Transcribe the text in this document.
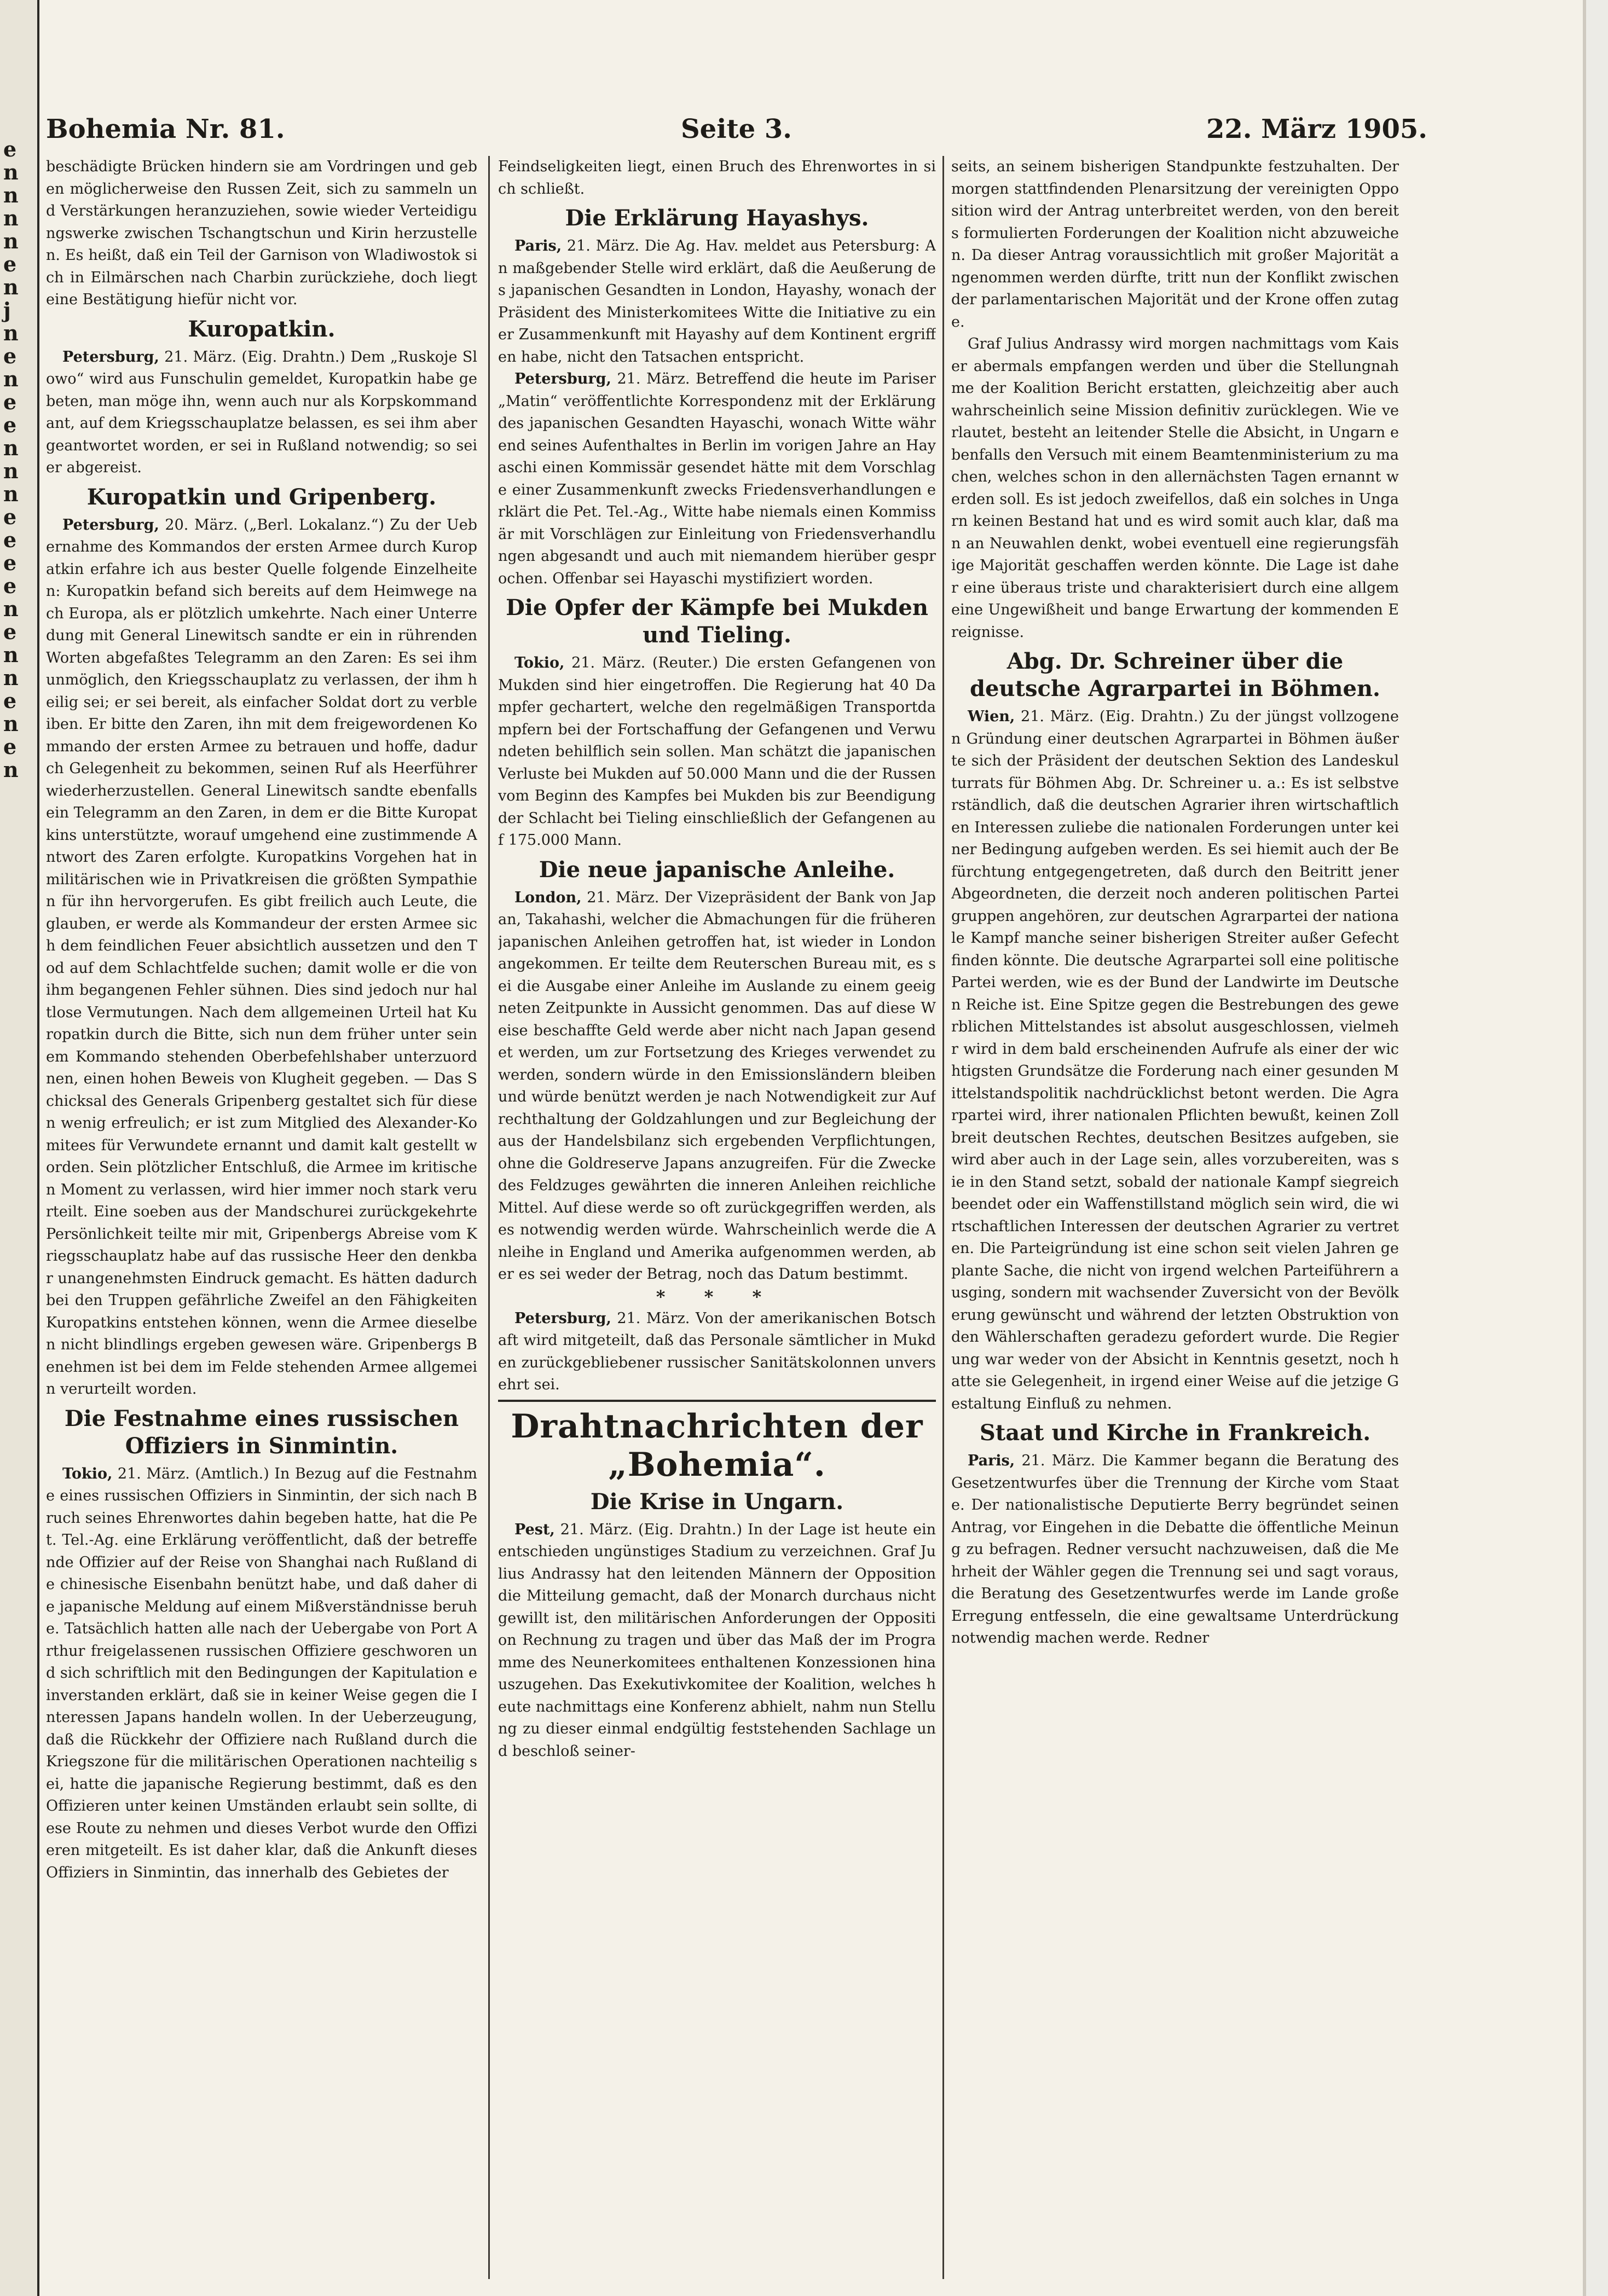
e
n
n
n
n
e
n
j
n
e
n
e
e
n
n
n
e
e
e
e
n
e
n
n
e
n
e
n
Bohemia Nr. 81.	Seite 3.	22. März 1905.

beschädigte Brücken hindern sie am Vordringen und geben möglicherweise den Russen Zeit, sich zu sammeln und Verstärkungen heranzuziehen, sowie wieder Verteidigungswerke zwischen Tschangtschun und Kirin herzustellen. Es heißt, daß ein Teil der Garnison von Wladiwostok sich in Eilmärschen nach Charbin zurückziehe, doch liegt eine Bestätigung hiefür nicht vor.

Kuropatkin.

Petersburg, 21. März. (Eig. Drahtn.) Dem „Ruskoje Slowo“ wird aus Funschulin gemeldet, Kuropatkin habe gebeten, man möge ihn, wenn auch nur als Korpskommandant, auf dem Kriegsschauplatze belassen, es sei ihm aber geantwortet worden, er sei in Rußland notwendig; so sei er abgereist.

Kuropatkin und Gripenberg.

Petersburg, 20. März. („Berl. Lokalanz.“) Zu der Uebernahme des Kommandos der ersten Armee durch Kuropatkin erfahre ich aus bester Quelle folgende Einzelheiten: Kuropatkin befand sich bereits auf dem Heimwege nach Europa, als er plötzlich umkehrte. Nach einer Unterredung mit General Linewitsch sandte er ein in rührenden Worten abgefaßtes Telegramm an den Zaren: Es sei ihm unmöglich, den Kriegsschauplatz zu verlassen, der ihm heilig sei; er sei bereit, als einfacher Soldat dort zu verbleiben. Er bitte den Zaren, ihn mit dem freigewordenen Kommando der ersten Armee zu betrauen und hoffe, dadurch Gelegenheit zu bekommen, seinen Ruf als Heerführer wiederherzustellen. General Linewitsch sandte ebenfalls ein Telegramm an den Zaren, in dem er die Bitte Kuropatkins unterstützte, worauf umgehend eine zustimmende Antwort des Zaren erfolgte. Kuropatkins Vorgehen hat in militärischen wie in Privatkreisen die größten Sympathien für ihn hervorgerufen. Es gibt freilich auch Leute, die glauben, er werde als Kommandeur der ersten Armee sich dem feindlichen Feuer absichtlich aussetzen und den Tod auf dem Schlachtfelde suchen; damit wolle er die von ihm begangenen Fehler sühnen. Dies sind jedoch nur haltlose Vermutungen. Nach dem allgemeinen Urteil hat Kuropatkin durch die Bitte, sich nun dem früher unter seinem Kommando stehenden Oberbefehlshaber unterzuordnen, einen hohen Beweis von Klugheit gegeben. — Das Schicksal des Generals Gripenberg gestaltet sich für diesen wenig erfreulich; er ist zum Mitglied des Alexander-Komitees für Verwundete ernannt und damit kalt gestellt worden. Sein plötzlicher Entschluß, die Armee im kritischen Moment zu verlassen, wird hier immer noch stark verurteilt. Eine soeben aus der Mandschurei zurückgekehrte Persönlichkeit teilte mir mit, Gripenbergs Abreise vom Kriegsschauplatz habe auf das russische Heer den denkbar unangenehmsten Eindruck gemacht. Es hätten dadurch bei den Truppen gefährliche Zweifel an den Fähigkeiten Kuropatkins entstehen können, wenn die Armee dieselben nicht blindlings ergeben gewesen wäre. Gripenbergs Benehmen ist bei dem im Felde stehenden Armee allgemein verurteilt worden.

Die Festnahme eines russischen Offiziers in Sinmintin.

Tokio, 21. März. (Amtlich.) In Bezug auf die Festnahme eines russischen Offiziers in Sinmintin, der sich nach Bruch seines Ehrenwortes dahin begeben hatte, hat die Pet. Tel.-Ag. eine Erklärung veröffentlicht, daß der betreffende Offizier auf der Reise von Shanghai nach Rußland die chinesische Eisenbahn benützt habe, und daß daher die japanische Meldung auf einem Mißverständnisse beruhe. Tatsächlich hatten alle nach der Uebergabe von Port Arthur freigelassenen russischen Offiziere geschworen und sich schriftlich mit den Bedingungen der Kapitulation einverstanden erklärt, daß sie in keiner Weise gegen die Interessen Japans handeln wollen. In der Ueberzeugung, daß die Rückkehr der Offiziere nach Rußland durch die Kriegszone für die militärischen Operationen nachteilig sei, hatte die japanische Regierung bestimmt, daß es den Offizieren unter keinen Umständen erlaubt sein sollte, diese Route zu nehmen und dieses Verbot wurde den Offizieren mitgeteilt. Es ist daher klar, daß die Ankunft dieses Offiziers in Sinmintin, das innerhalb des Gebietes der

Feindseligkeiten liegt, einen Bruch des Ehrenwortes in sich schließt.

Die Erklärung Hayashys.

Paris, 21. März. Die Ag. Hav. meldet aus Petersburg: An maßgebender Stelle wird erklärt, daß die Aeußerung des japanischen Gesandten in London, Hayashy, wonach der Präsident des Ministerkomitees Witte die Initiative zu einer Zusammenkunft mit Hayashy auf dem Kontinent ergriffen habe, nicht den Tatsachen entspricht.

Petersburg, 21. März. Betreffend die heute im Pariser „Matin“ veröffentlichte Korrespondenz mit der Erklärung des japanischen Gesandten Hayaschi, wonach Witte während seines Aufenthaltes in Berlin im vorigen Jahre an Hayaschi einen Kommissär gesendet hätte mit dem Vorschlage einer Zusammenkunft zwecks Friedensverhandlungen erklärt die Pet. Tel.-Ag., Witte habe niemals einen Kommissär mit Vorschlägen zur Einleitung von Friedensverhandlungen abgesandt und auch mit niemandem hierüber gesprochen. Offenbar sei Hayaschi mystifiziert worden.

Die Opfer der Kämpfe bei Mukden und Tieling.

Tokio, 21. März. (Reuter.) Die ersten Gefangenen von Mukden sind hier eingetroffen. Die Regierung hat 40 Dampfer gechartert, welche den regelmäßigen Transportdampfern bei der Fortschaffung der Gefangenen und Verwundeten behilflich sein sollen. Man schätzt die japanischen Verluste bei Mukden auf 50.000 Mann und die der Russen vom Beginn des Kampfes bei Mukden bis zur Beendigung der Schlacht bei Tieling einschließlich der Gefangenen auf 175.000 Mann.

Die neue japanische Anleihe.

London, 21. März. Der Vizepräsident der Bank von Japan, Takahashi, welcher die Abmachungen für die früheren japanischen Anleihen getroffen hat, ist wieder in London angekommen. Er teilte dem Reuterschen Bureau mit, es sei die Ausgabe einer Anleihe im Auslande zu einem geeigneten Zeitpunkte in Aussicht genommen. Das auf diese Weise beschaffte Geld werde aber nicht nach Japan gesendet werden, um zur Fortsetzung des Krieges verwendet zu werden, sondern würde in den Emissionsländern bleiben und würde benützt werden je nach Notwendigkeit zur Aufrechthaltung der Goldzahlungen und zur Begleichung der aus der Handelsbilanz sich ergebenden Verpflichtungen, ohne die Goldreserve Japans anzugreifen. Für die Zwecke des Feldzuges gewährten die inneren Anleihen reichliche Mittel. Auf diese werde so oft zurückgegriffen werden, als es notwendig werden würde. Wahrscheinlich werde die Anleihe in England und Amerika aufgenommen werden, aber es sei weder der Betrag, noch das Datum bestimmt.

* * *

Petersburg, 21. März. Von der amerikanischen Botschaft wird mitgeteilt, daß das Personale sämtlicher in Mukden zurückgebliebener russischer Sanitätskolonnen unversehrt sei.

Drahtnachrichten der „Bohemia“.
Die Krise in Ungarn.

Pest, 21. März. (Eig. Drahtn.) In der Lage ist heute ein entschieden ungünstiges Stadium zu verzeichnen. Graf Julius Andrassy hat den leitenden Männern der Opposition die Mitteilung gemacht, daß der Monarch durchaus nicht gewillt ist, den militärischen Anforderungen der Opposition Rechnung zu tragen und über das Maß der im Programme des Neunerkomitees enthaltenen Konzessionen hinauszugehen. Das Exekutivkomitee der Koalition, welches heute nachmittags eine Konferenz abhielt, nahm nun Stellung zu dieser einmal endgültig feststehenden Sachlage und beschloß seiner-

seits, an seinem bisherigen Standpunkte festzuhalten. Der morgen stattfindenden Plenarsitzung der vereinigten Opposition wird der Antrag unterbreitet werden, von den bereits formulierten Forderungen der Koalition nicht abzuweichen. Da dieser Antrag voraussichtlich mit großer Majorität angenommen werden dürfte, tritt nun der Konflikt zwischen der parlamentarischen Majorität und der Krone offen zutage.

Graf Julius Andrassy wird morgen nachmittags vom Kaiser abermals empfangen werden und über die Stellungnahme der Koalition Bericht erstatten, gleichzeitig aber auch wahrscheinlich seine Mission definitiv zurücklegen. Wie verlautet, besteht an leitender Stelle die Absicht, in Ungarn ebenfalls den Versuch mit einem Beamtenministerium zu machen, welches schon in den allernächsten Tagen ernannt werden soll. Es ist jedoch zweifellos, daß ein solches in Ungarn keinen Bestand hat und es wird somit auch klar, daß man an Neuwahlen denkt, wobei eventuell eine regierungsfähige Majorität geschaffen werden könnte. Die Lage ist daher eine überaus triste und charakterisiert durch eine allgemeine Ungewißheit und bange Erwartung der kommenden Ereignisse.

Abg. Dr. Schreiner über die deutsche Agrarpartei in Böhmen.

Wien, 21. März. (Eig. Drahtn.) Zu der jüngst vollzogenen Gründung einer deutschen Agrarpartei in Böhmen äußerte sich der Präsident der deutschen Sektion des Landeskulturrats für Böhmen Abg. Dr. Schreiner u. a.: Es ist selbstverständlich, daß die deutschen Agrarier ihren wirtschaftlichen Interessen zuliebe die nationalen Forderungen unter keiner Bedingung aufgeben werden. Es sei hiemit auch der Befürchtung entgegengetreten, daß durch den Beitritt jener Abgeordneten, die derzeit noch anderen politischen Parteigruppen angehören, zur deutschen Agrarpartei der nationale Kampf manche seiner bisherigen Streiter außer Gefecht finden könnte. Die deutsche Agrarpartei soll eine politische Partei werden, wie es der Bund der Landwirte im Deutschen Reiche ist. Eine Spitze gegen die Bestrebungen des gewerblichen Mittelstandes ist absolut ausgeschlossen, vielmehr wird in dem bald erscheinenden Aufrufe als einer der wichtigsten Grundsätze die Forderung nach einer gesunden Mittelstandspolitik nachdrücklichst betont werden. Die Agrarpartei wird, ihrer nationalen Pflichten bewußt, keinen Zoll breit deutschen Rechtes, deutschen Besitzes aufgeben, sie wird aber auch in der Lage sein, alles vorzubereiten, was sie in den Stand setzt, sobald der nationale Kampf siegreich beendet oder ein Waffenstillstand möglich sein wird, die wirtschaftlichen Interessen der deutschen Agrarier zu vertreten. Die Parteigründung ist eine schon seit vielen Jahren geplante Sache, die nicht von irgend welchen Parteiführern ausging, sondern mit wachsender Zuversicht von der Bevölkerung gewünscht und während der letzten Obstruktion von den Wählerschaften geradezu gefordert wurde. Die Regierung war weder von der Absicht in Kenntnis gesetzt, noch hatte sie Gelegenheit, in irgend einer Weise auf die jetzige Gestaltung Einfluß zu nehmen.

Staat und Kirche in Frankreich.

Paris, 21. März. Die Kammer begann die Beratung des Gesetzentwurfes über die Trennung der Kirche vom Staate. Der nationalistische Deputierte Berry begründet seinen Antrag, vor Eingehen in die Debatte die öffentliche Meinung zu befragen. Redner versucht nachzuweisen, daß die Mehrheit der Wähler gegen die Trennung sei und sagt voraus, die Beratung des Gesetzentwurfes werde im Lande große Erregung entfesseln, die eine gewaltsame Unterdrückung notwendig machen werde. Redner
